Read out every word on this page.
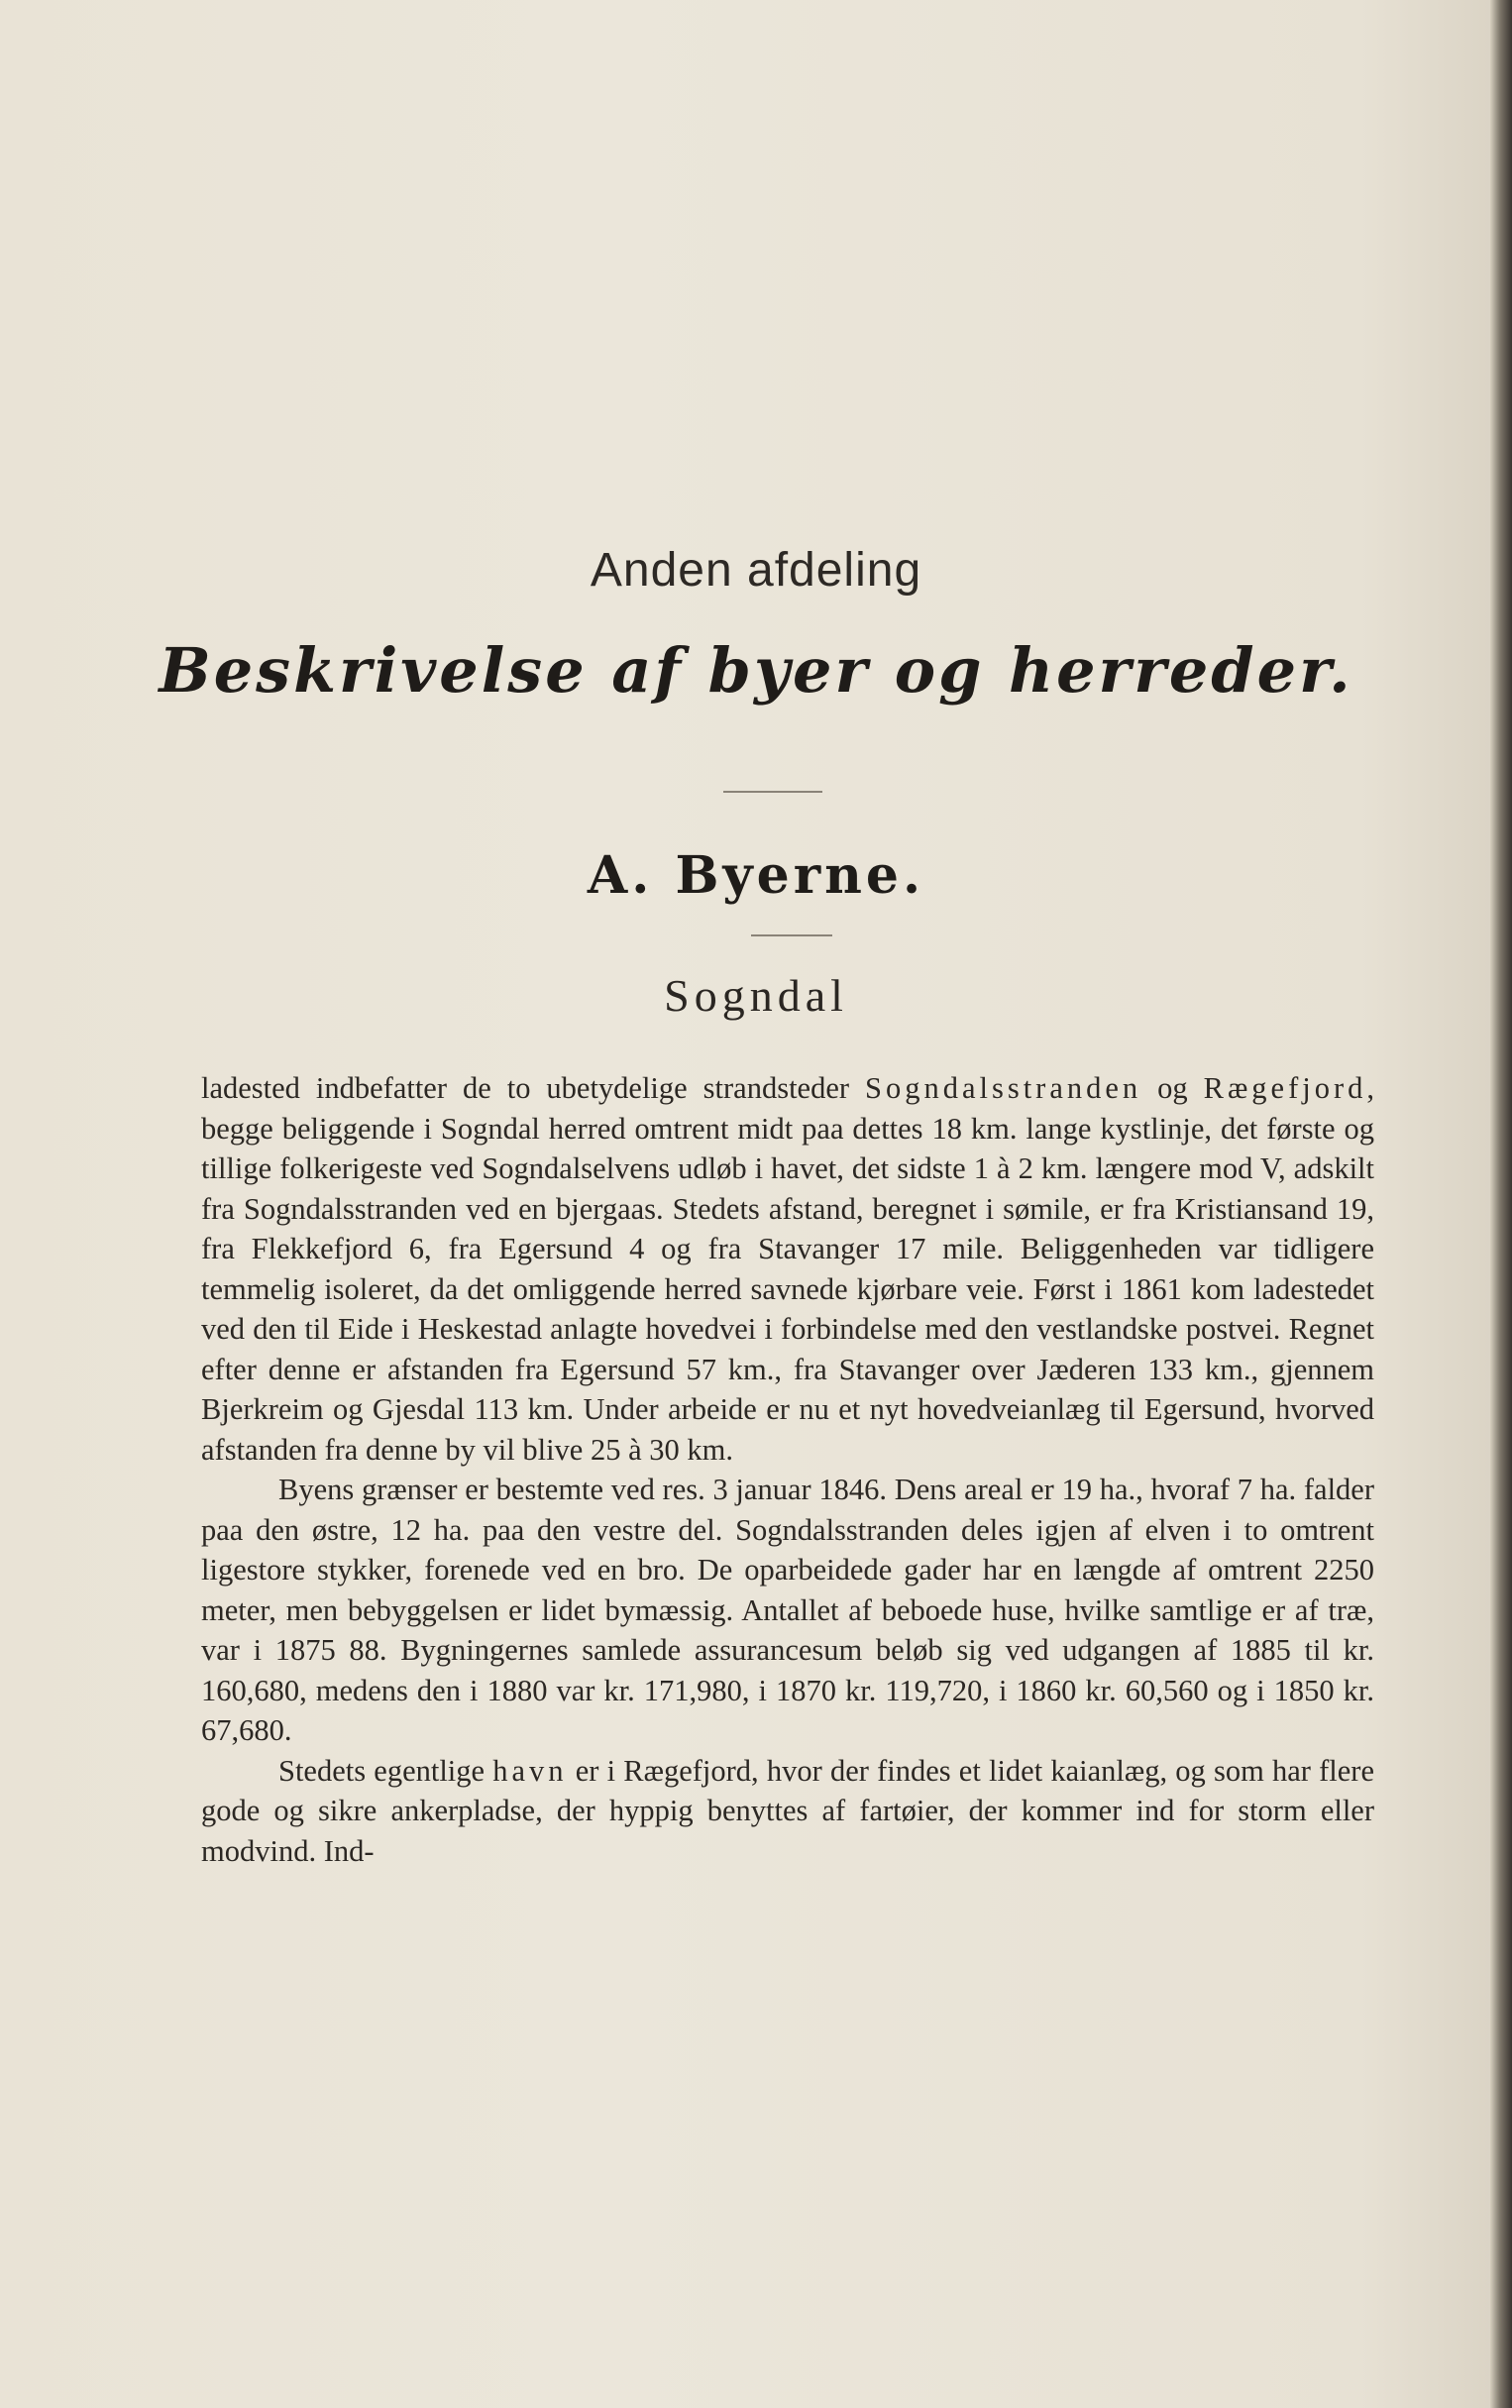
Anden afdeling
Beskrivelse af byer og herreder.
A. Byerne.
Sogndal

ladested indbefatter de to ubetydelige strandsteder Sogndalsstranden og Rægefjord, begge beliggende i Sogndal herred omtrent midt paa dettes 18 km. lange kystlinje, det første og tillige folkerigeste ved Sogndalselvens udløb i havet, det sidste 1 à 2 km. længere mod V, adskilt fra Sogndalsstranden ved en bjergaas. Stedets afstand, beregnet i sømile, er fra Kristiansand 19, fra Flekkefjord 6, fra Egersund 4 og fra Stavanger 17 mile. Beliggenheden var tidligere temmelig isoleret, da det omliggende herred savnede kjørbare veie. Først i 1861 kom ladestedet ved den til Eide i Heskestad anlagte hovedvei i forbindelse med den vestlandske postvei. Regnet efter denne er afstanden fra Egersund 57 km., fra Stavanger over Jæderen 133 km., gjennem Bjerkreim og Gjesdal 113 km. Under arbeide er nu et nyt hovedveianlæg til Egersund, hvorved afstanden fra denne by vil blive 25 à 30 km.

Byens grænser er bestemte ved res. 3 januar 1846. Dens areal er 19 ha., hvoraf 7 ha. falder paa den østre, 12 ha. paa den vestre del. Sogndalsstranden deles igjen af elven i to omtrent ligestore stykker, forenede ved en bro. De oparbeidede gader har en længde af omtrent 2250 meter, men bebyggelsen er lidet bymæssig. Antallet af beboede huse, hvilke samtlige er af træ, var i 1875 88. Bygningernes samlede assurancesum beløb sig ved udgangen af 1885 til kr. 160,680, medens den i 1880 var kr. 171,980, i 1870 kr. 119,720, i 1860 kr. 60,560 og i 1850 kr. 67,680.

Stedets egentlige havn er i Rægefjord, hvor der findes et lidet kaianlæg, og som har flere gode og sikre ankerpladse, der hyppig benyttes af fartøier, der kommer ind for storm eller modvind. Ind-
